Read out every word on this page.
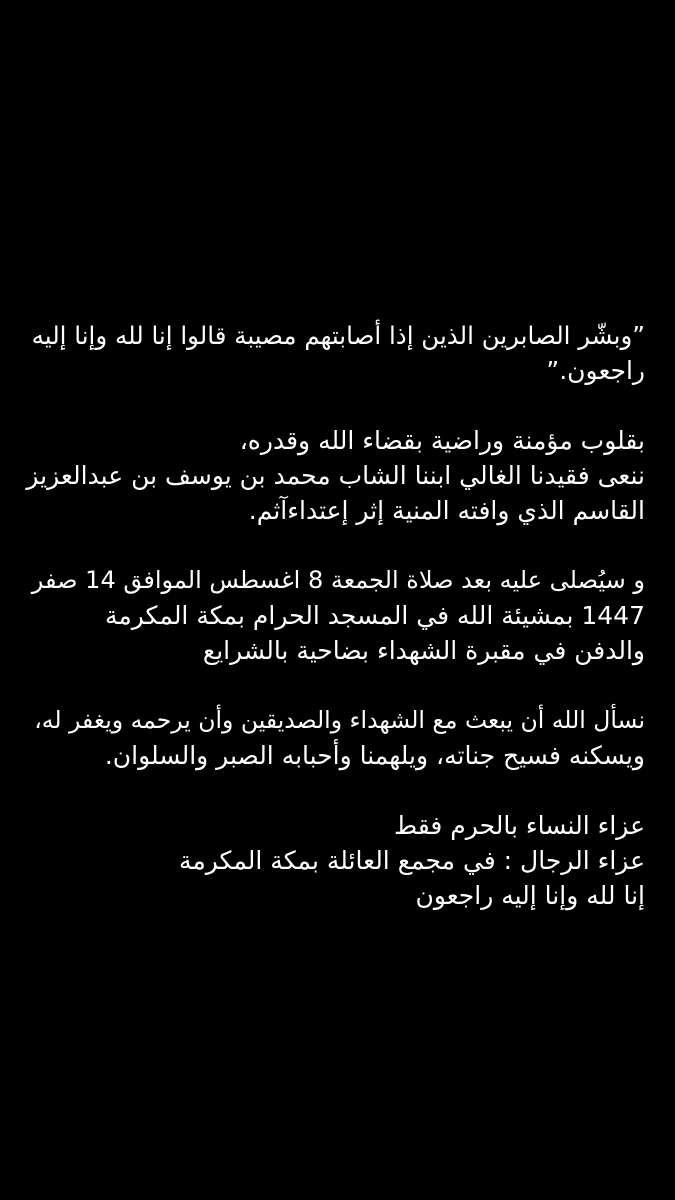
”وبشّر الصابرين الذين إذا أصابتهم مصيبة قالوا إنا لله وإنا إليه
راجعون.”

بقلوب مؤمنة وراضية بقضاء الله وقدره،
ننعى فقيدنا الغالي ابننا الشاب محمد بن يوسف بن عبدالعزيز
القاسم الذي وافته المنية إثر إعتداءآثم.

و سيُصلى عليه بعد صلاة الجمعة 8 اغسطس الموافق 14 صفر
1447 بمشيئة الله في المسجد الحرام بمكة المكرمة
والدفن في مقبرة الشهداء بضاحية بالشرايع

نسأل الله أن يبعث مع الشهداء والصديقين وأن يرحمه ويغفر له،
ويسكنه فسيح جناته، ويلهمنا وأحبابه الصبر والسلوان.

عزاء النساء بالحرم فقط
عزاء الرجال : في مجمع العائلة بمكة المكرمة
إنا لله وإنا إليه راجعون
